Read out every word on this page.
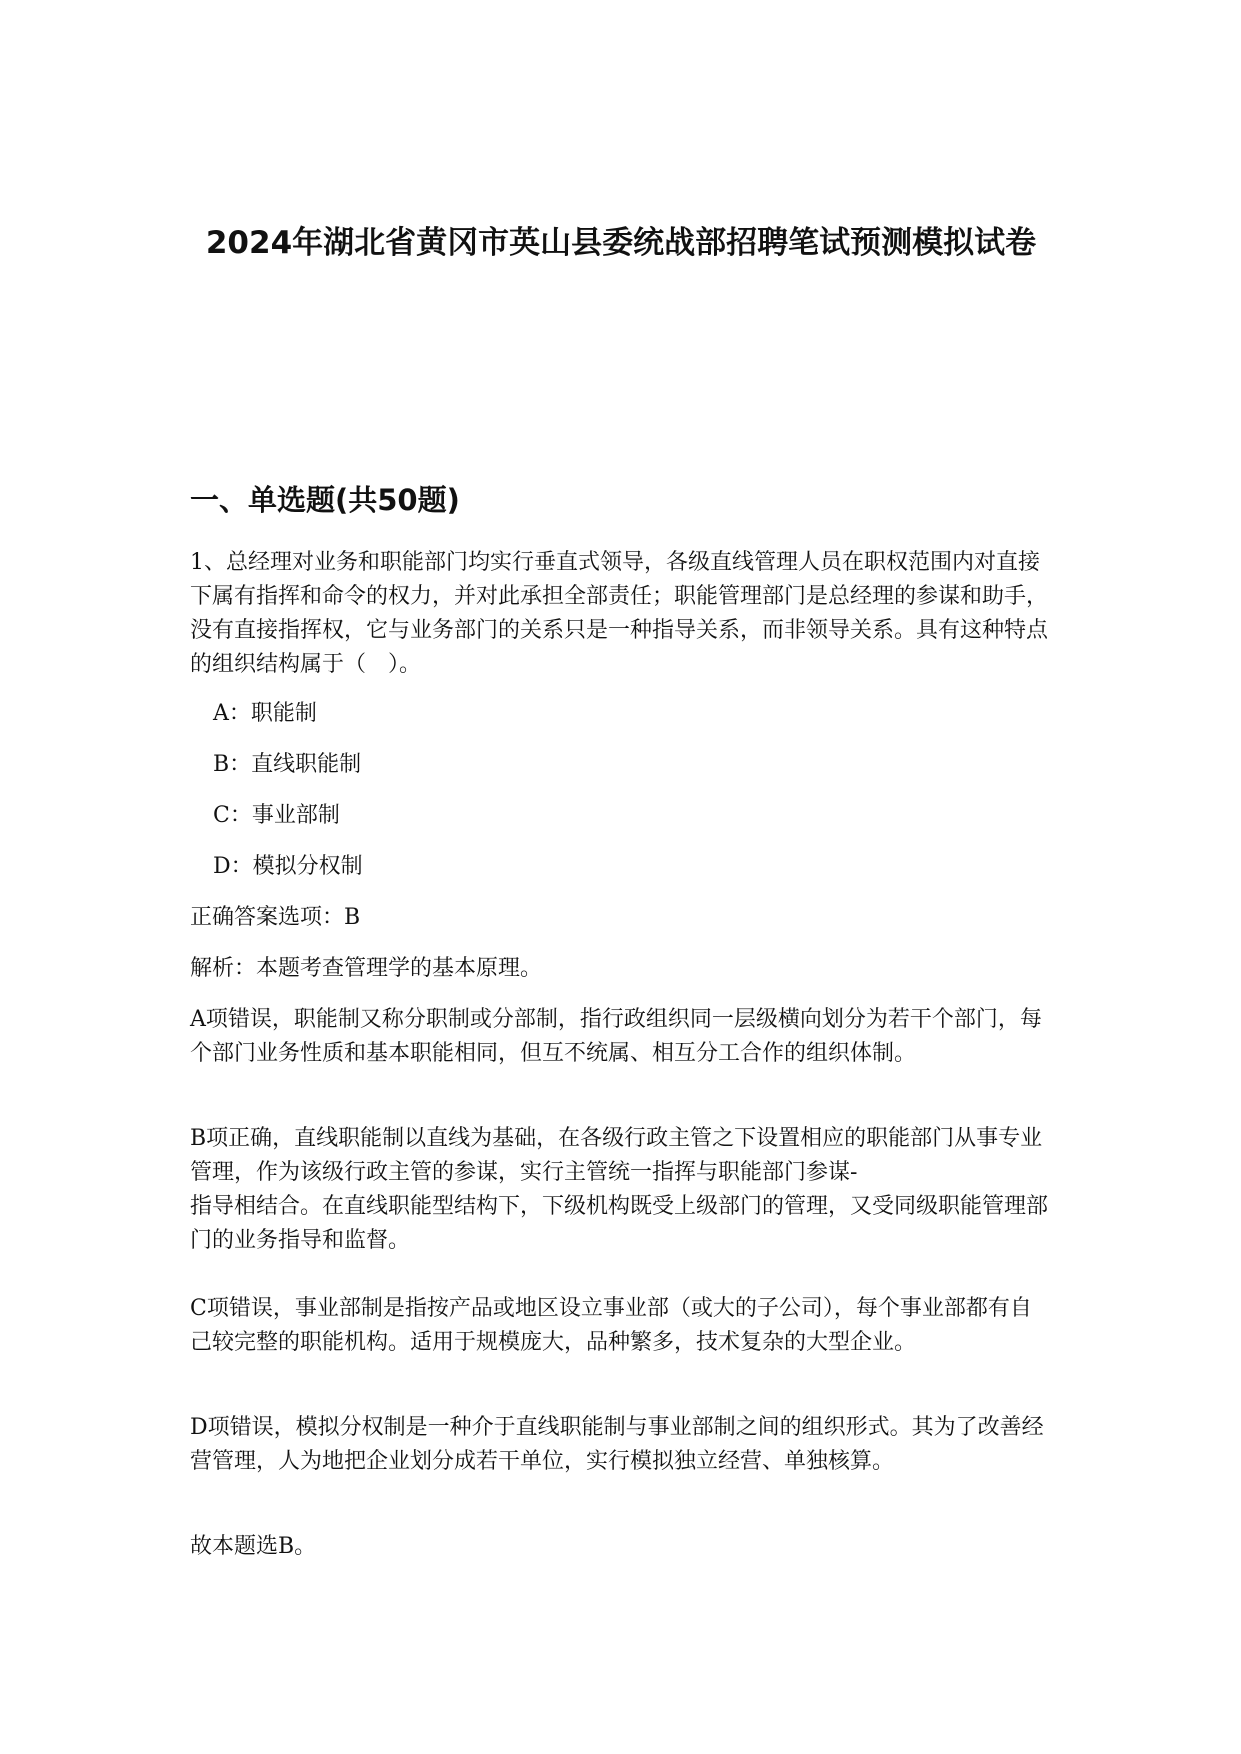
2024年湖北省黄冈市英山县委统战部招聘笔试预测模拟试卷
一、单选题(共50题)

1、总经理对业务和职能部门均实行垂直式领导，各级直线管理人员在职权范围内对直接下属有指挥和命令的权力，并对此承担全部责任；职能管理部门是总经理的参谋和助手，没有直接指挥权，它与业务部门的关系只是一种指导关系，而非领导关系。具有这种特点的组织结构属于（　）。

A：职能制

B：直线职能制

C：事业部制

D：模拟分权制

正确答案选项：B

解析：本题考查管理学的基本原理。

A项错误，职能制又称分职制或分部制，指行政组织同一层级横向划分为若干个部门，每个部门业务性质和基本职能相同，但互不统属、相互分工合作的组织体制。

B项正确，直线职能制以直线为基础，在各级行政主管之下设置相应的职能部门从事专业管理，作为该级行政主管的参谋，实行主管统一指挥与职能部门参谋-
指导相结合。在直线职能型结构下，下级机构既受上级部门的管理，又受同级职能管理部门的业务指导和监督。

C项错误，事业部制是指按产品或地区设立事业部（或大的子公司），每个事业部都有自己较完整的职能机构。适用于规模庞大，品种繁多，技术复杂的大型企业。

D项错误，模拟分权制是一种介于直线职能制与事业部制之间的组织形式。其为了改善经营管理，人为地把企业划分成若干单位，实行模拟独立经营、单独核算。

故本题选B。
